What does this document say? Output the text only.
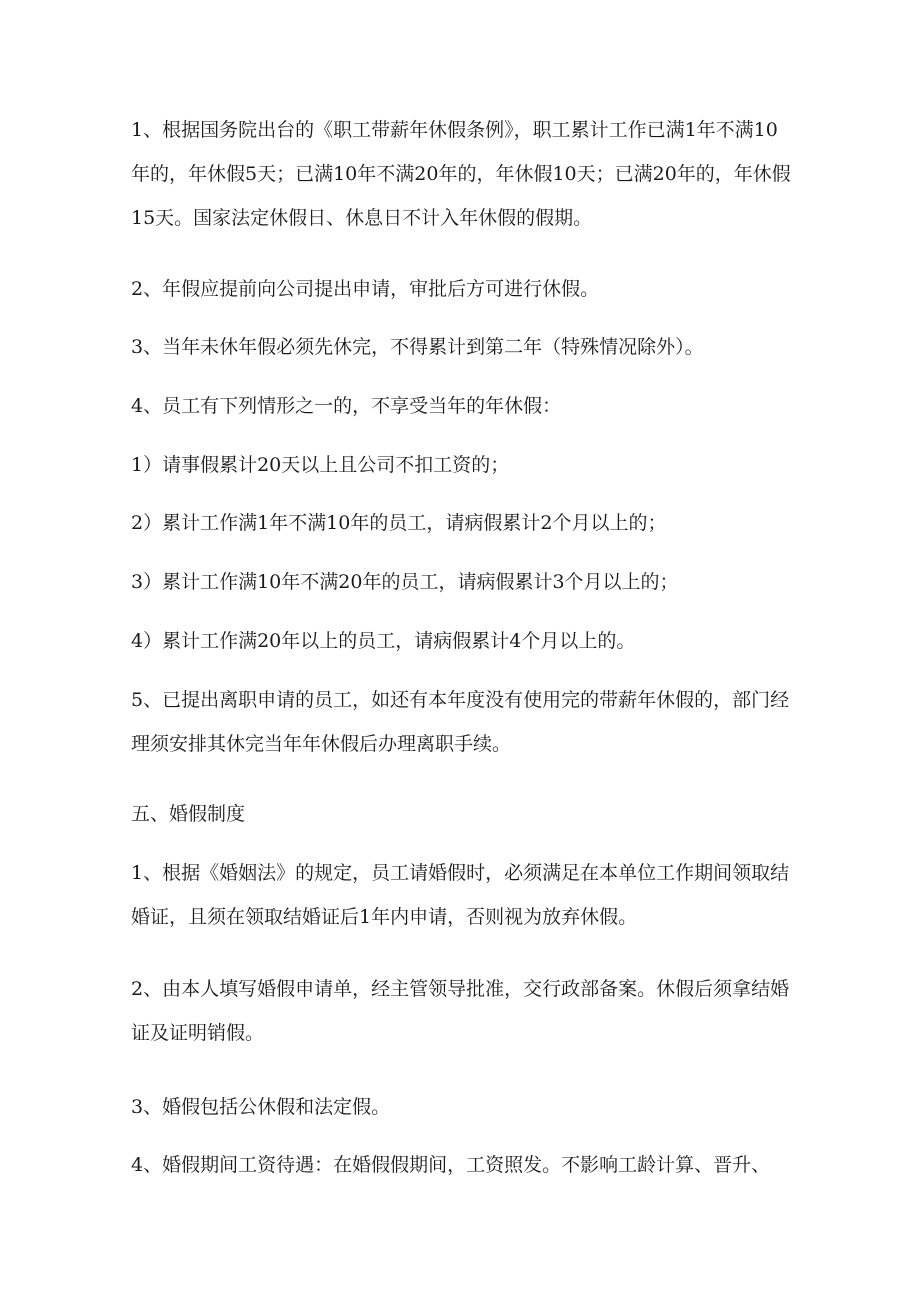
1、根据国务院出台的《职工带薪年休假条例》，职工累计工作已满1年不满10年的，年休假5天；已满10年不满20年的，年休假10天；已满20年的，年休假15天。国家法定休假日、休息日不计入年休假的假期。
2、年假应提前向公司提出申请，审批后方可进行休假。
3、当年未休年假必须先休完，不得累计到第二年（特殊情况除外）。
4、员工有下列情形之一的，不享受当年的年休假：
1）请事假累计20天以上且公司不扣工资的；
2）累计工作满1年不满10年的员工，请病假累计2个月以上的；
3）累计工作满10年不满20年的员工，请病假累计3个月以上的；
4）累计工作满20年以上的员工，请病假累计4个月以上的。
5、已提出离职申请的员工，如还有本年度没有使用完的带薪年休假的，部门经理须安排其休完当年年休假后办理离职手续。
五、婚假制度
1、根据《婚姻法》的规定，员工请婚假时，必须满足在本单位工作期间领取结婚证，且须在领取结婚证后1年内申请，否则视为放弃休假。
2、由本人填写婚假申请单，经主管领导批准，交行政部备案。休假后须拿结婚证及证明销假。
3、婚假包括公休假和法定假。
4、婚假期间工资待遇：在婚假假期间，工资照发。不影响工龄计算、晋升、
